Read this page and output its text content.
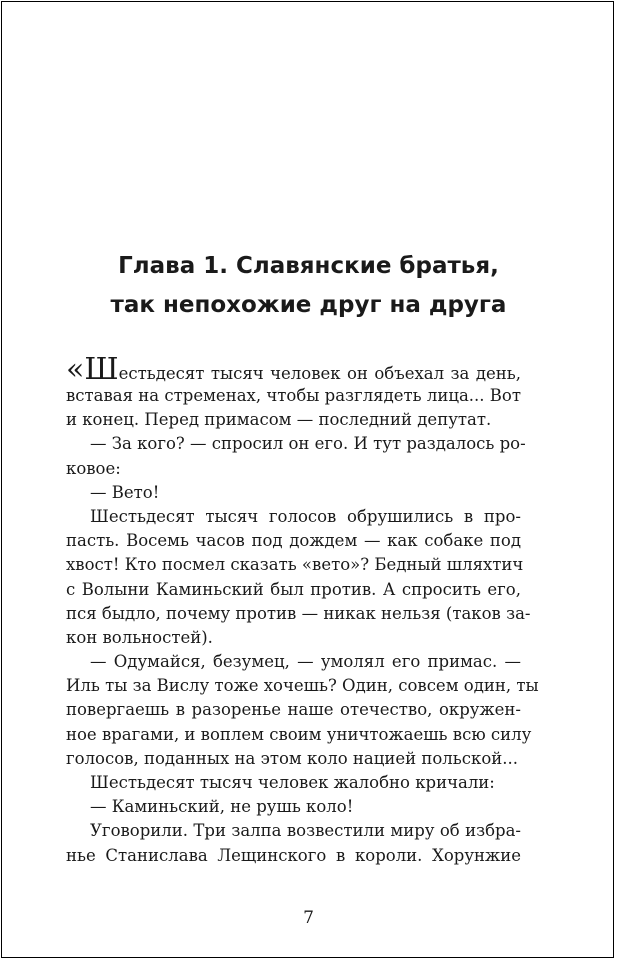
Глава 1. Славянские братья,
так непохожие друг на друга
«Шестьдесят тысяч человек он объехал за день,
вставая на стременах, чтобы разглядеть лица... Вот
и конец. Перед примасом — последний депутат.
— За кого? — спросил он его. И тут раздалось ро-
ковое:
— Вето!
Шестьдесят тысяч голосов обрушились в про-
пасть. Восемь часов под дождем — как собаке под
хвост! Кто посмел сказать «вето»? Бедный шляхтич
с Волыни Каминьский был против. А спросить его,
пся быдло, почему против — никак нельзя (таков за-
кон вольностей).
— Одумайся, безумец, — умолял его примас. —
Иль ты за Вислу тоже хочешь? Один, совсем один, ты
повергаешь в разоренье наше отечество, окружен-
ное врагами, и воплем своим уничтожаешь всю силу
голосов, поданных на этом коло нацией польской...
Шестьдесят тысяч человек жалобно кричали:
— Каминьский, не рушь коло!
Уговорили. Три залпа возвестили миру об избра-
нье Станислава Лещинского в короли. Хорунжие
7
